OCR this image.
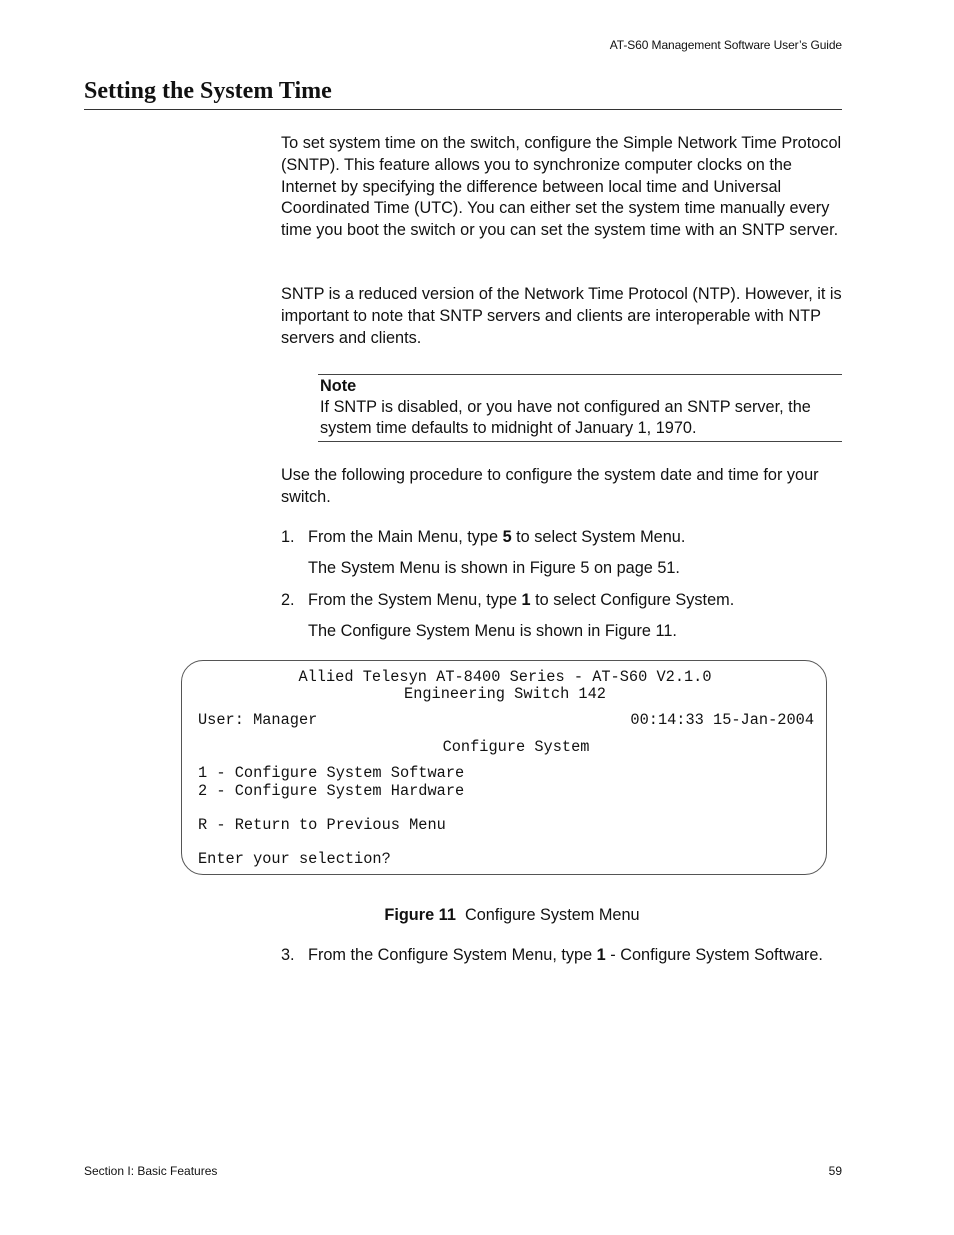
AT-S60 Management Software User’s Guide
Setting the System Time

To set system time on the switch, configure the Simple Network Time Protocol (SNTP). This feature allows you to synchronize computer clocks on the Internet by specifying the difference between local time and Universal Coordinated Time (UTC). You can either set the system time manually every time you boot the switch or you can set the system time with an SNTP server.

SNTP is a reduced version of the Network Time Protocol (NTP). However, it is important to note that SNTP servers and clients are interoperable with NTP servers and clients.

Note
If SNTP is disabled, or you have not configured an SNTP server, the system time defaults to midnight of January 1, 1970.

Use the following procedure to configure the system date and time for your switch.

1. From the Main Menu, type 5 to select System Menu.
The System Menu is shown in Figure 5 on page 51.
2. From the System Menu, type 1 to select Configure System.
The Configure System Menu is shown in Figure 11.
Allied Telesyn AT-8400 Series - AT-S60 V2.1.0
Engineering Switch 142
User: Manager	00:14:33 15-Jan-2004
Configure System
1 - Configure System Software
2 - Configure System Hardware
R - Return to Previous Menu
Enter your selection?
Figure 11 Configure System Menu
3. From the Configure System Menu, type 1 - Configure System Software.
Section I: Basic Features	59
